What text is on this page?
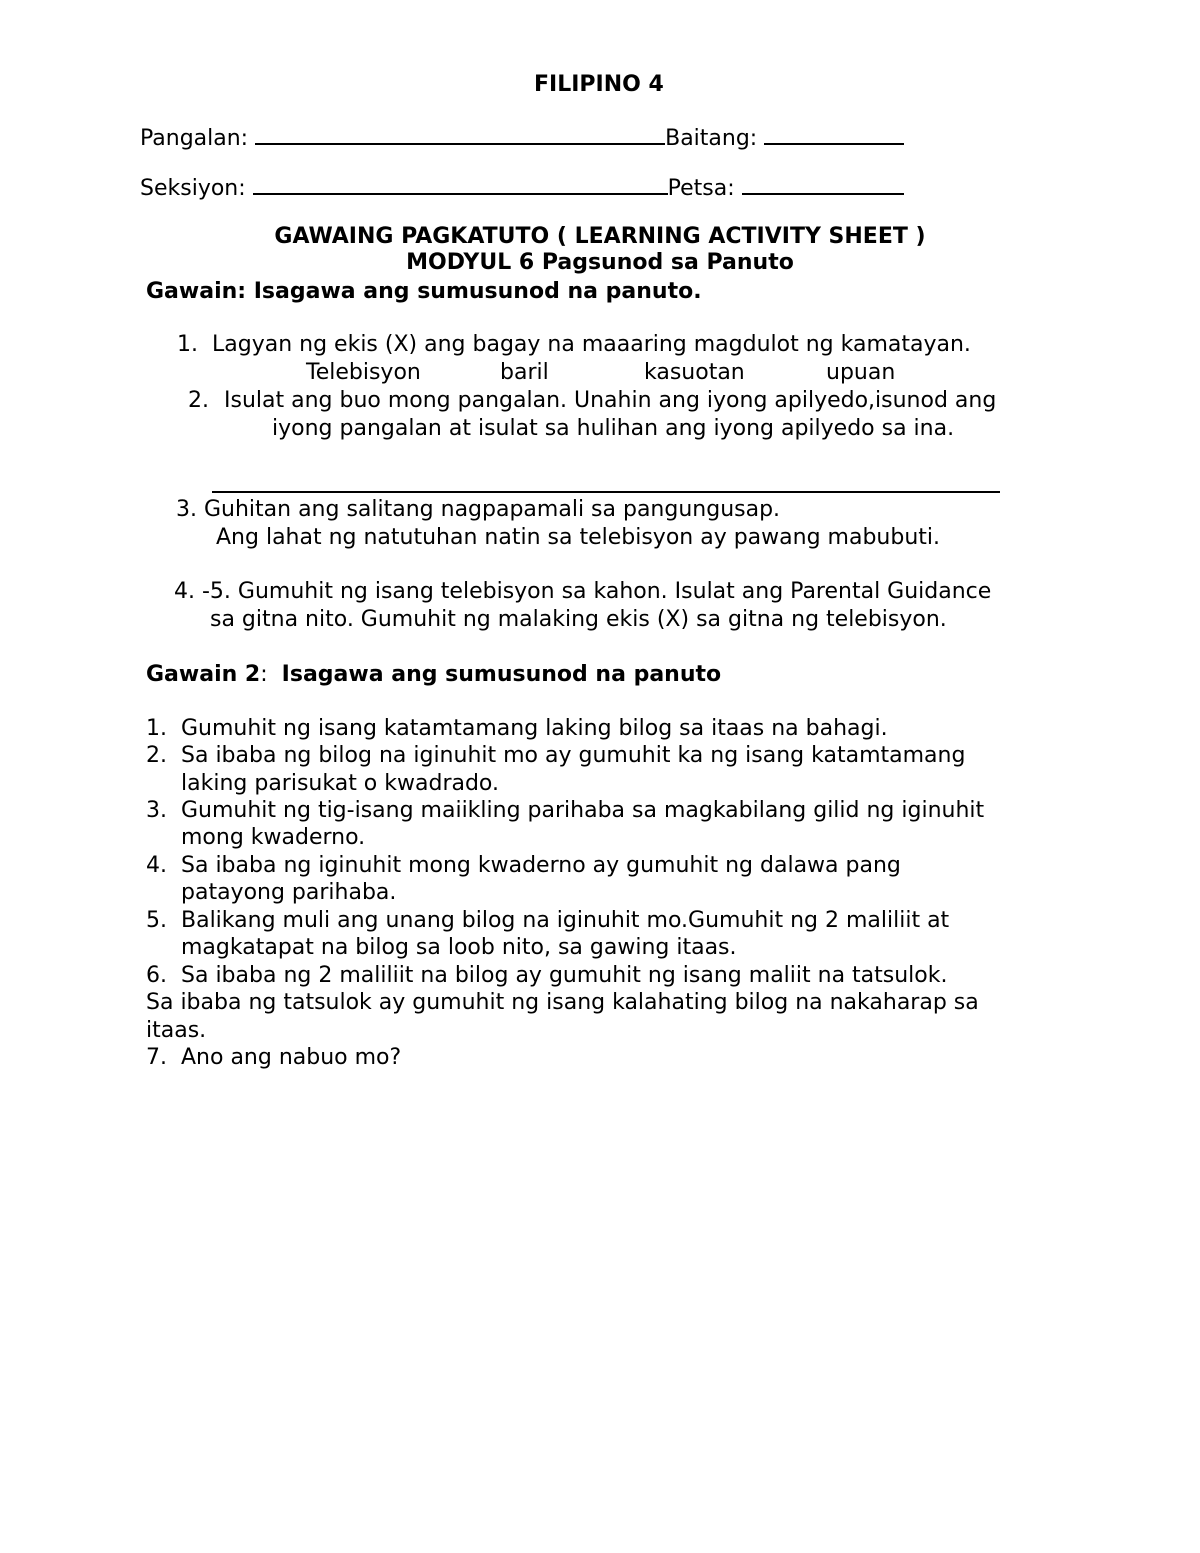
FILIPINO 4
Pangalan:	Baitang:
Seksiyon:	Petsa:
GAWAING PAGKATUTO ( LEARNING ACTIVITY SHEET )
MODYUL 6 Pagsunod sa Panuto
Gawain: Isagawa ang sumusunod na panuto.
1. Lagyan ng ekis (X) ang bagay na maaaring magdulot ng kamatayan.
Telebisyon	baril	kasuotan	upuan
2. Isulat ang buo mong pangalan. Unahin ang iyong apilyedo,isunod ang
iyong pangalan at isulat sa hulihan ang iyong apilyedo sa ina.
3. Guhitan ang salitang nagpapamali sa pangungusap.
Ang lahat ng natutuhan natin sa telebisyon ay pawang mabubuti.
4. -5. Gumuhit ng isang telebisyon sa kahon. Isulat ang Parental Guidance
sa gitna nito. Gumuhit ng malaking ekis (X) sa gitna ng telebisyon.
Gawain 2: Isagawa ang sumusunod na panuto
1. Gumuhit ng isang katamtamang laking bilog sa itaas na bahagi.
2. Sa ibaba ng bilog na iginuhit mo ay gumuhit ka ng isang katamtamang
laking parisukat o kwadrado.
3. Gumuhit ng tig-isang maiikling parihaba sa magkabilang gilid ng iginuhit
mong kwaderno.
4. Sa ibaba ng iginuhit mong kwaderno ay gumuhit ng dalawa pang
patayong parihaba.
5. Balikang muli ang unang bilog na iginuhit mo.Gumuhit ng 2 maliliit at
magkatapat na bilog sa loob nito, sa gawing itaas.
6. Sa ibaba ng 2 maliliit na bilog ay gumuhit ng isang maliit na tatsulok.
Sa ibaba ng tatsulok ay gumuhit ng isang kalahating bilog na nakaharap sa
itaas.
7. Ano ang nabuo mo?
